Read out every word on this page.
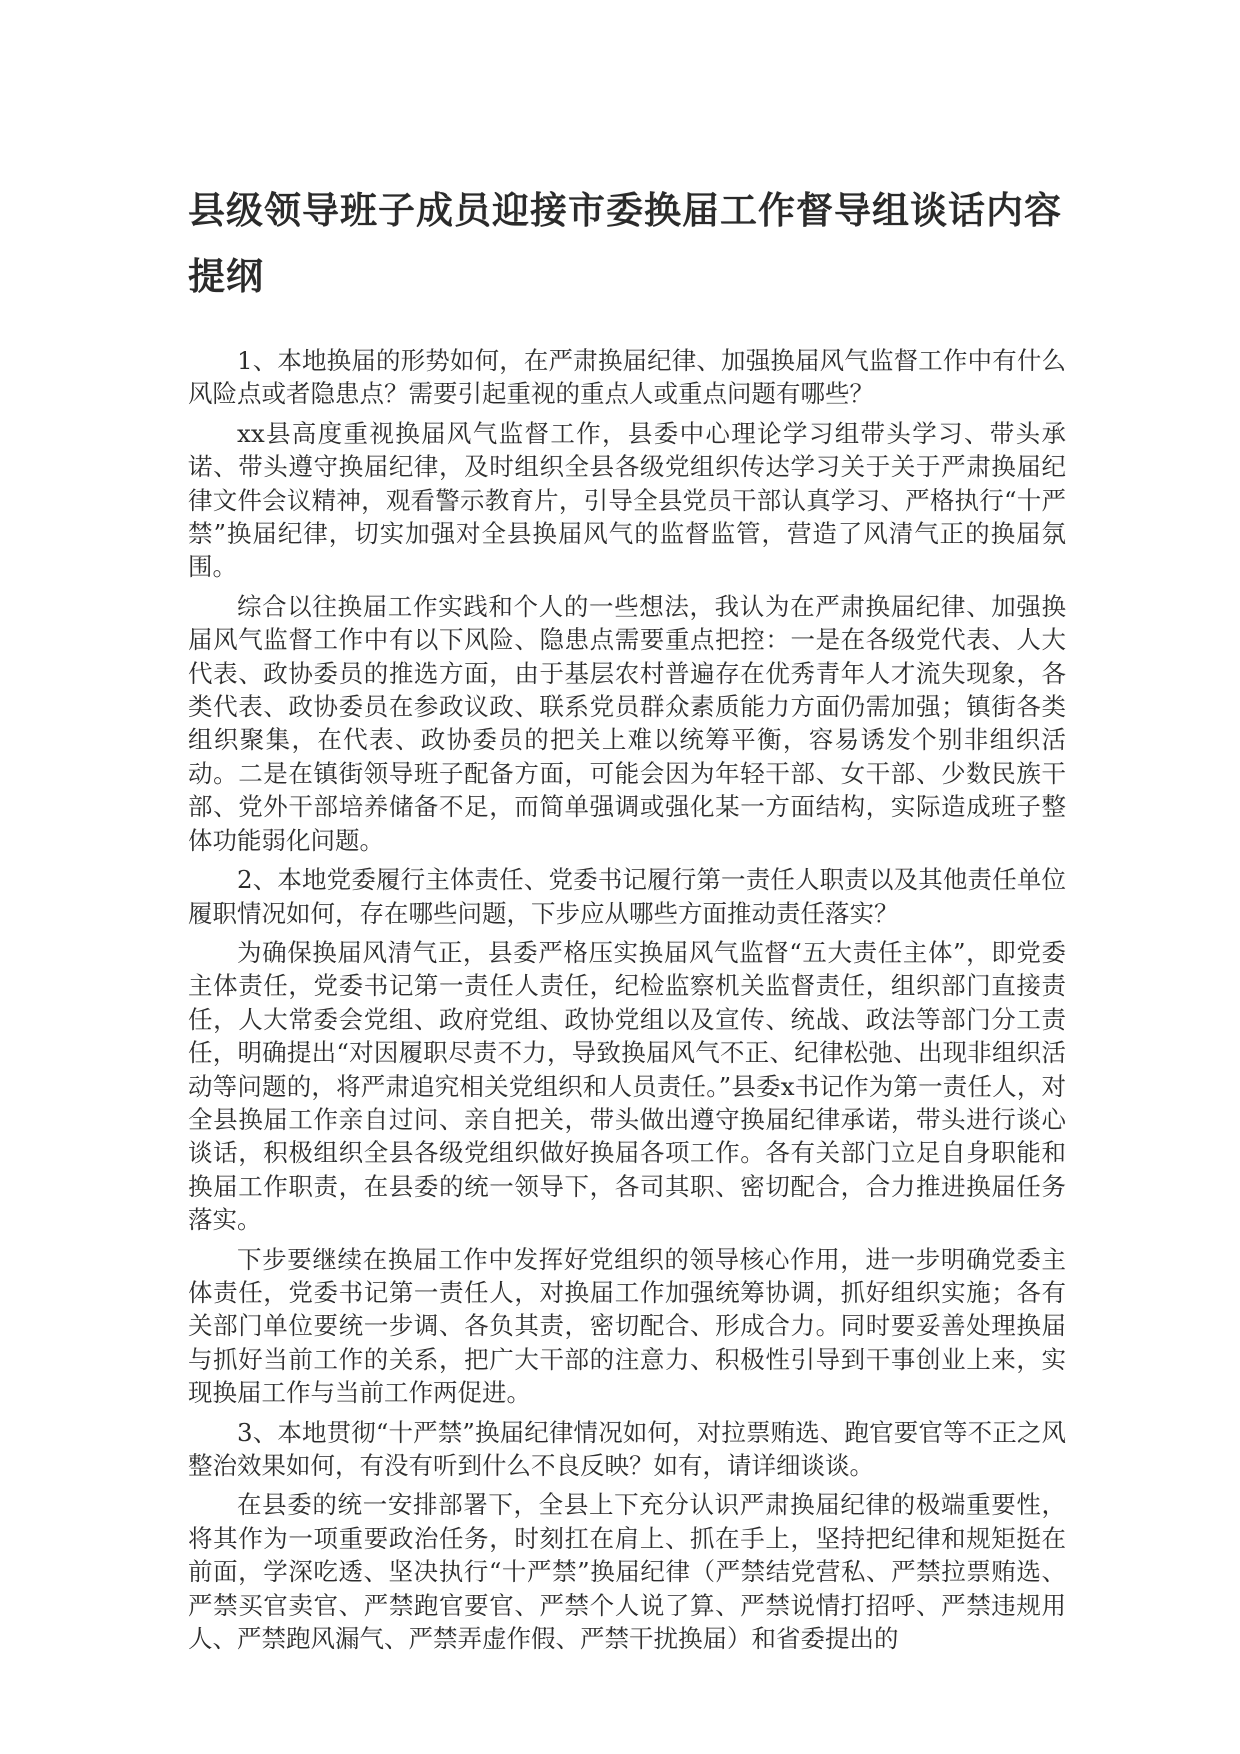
县级领导班子成员迎接市委换届工作督导组谈话内容提纲

1、本地换届的形势如何，在严肃换届纪律、加强换届风气监督工作中有什么风险点或者隐患点？需要引起重视的重点人或重点问题有哪些？

xx县高度重视换届风气监督工作，县委中心理论学习组带头学习、带头承诺、带头遵守换届纪律，及时组织全县各级党组织传达学习关于关于严肃换届纪律文件会议精神，观看警示教育片，引导全县党员干部认真学习、严格执行“十严禁”换届纪律，切实加强对全县换届风气的监督监管，营造了风清气正的换届氛围。

综合以往换届工作实践和个人的一些想法，我认为在严肃换届纪律、加强换届风气监督工作中有以下风险、隐患点需要重点把控：一是在各级党代表、人大代表、政协委员的推选方面，由于基层农村普遍存在优秀青年人才流失现象，各类代表、政协委员在参政议政、联系党员群众素质能力方面仍需加强；镇街各类组织聚集，在代表、政协委员的把关上难以统筹平衡，容易诱发个别非组织活动。二是在镇街领导班子配备方面，可能会因为年轻干部、女干部、少数民族干部、党外干部培养储备不足，而简单强调或强化某一方面结构，实际造成班子整体功能弱化问题。

2、本地党委履行主体责任、党委书记履行第一责任人职责以及其他责任单位履职情况如何，存在哪些问题，下步应从哪些方面推动责任落实？

为确保换届风清气正，县委严格压实换届风气监督“五大责任主体”，即党委主体责任，党委书记第一责任人责任，纪检监察机关监督责任，组织部门直接责任，人大常委会党组、政府党组、政协党组以及宣传、统战、政法等部门分工责任，明确提出“对因履职尽责不力，导致换届风气不正、纪律松弛、出现非组织活动等问题的，将严肃追究相关党组织和人员责任。”县委x书记作为第一责任人，对全县换届工作亲自过问、亲自把关，带头做出遵守换届纪律承诺，带头进行谈心谈话，积极组织全县各级党组织做好换届各项工作。各有关部门立足自身职能和换届工作职责，在县委的统一领导下，各司其职、密切配合，合力推进换届任务落实。

下步要继续在换届工作中发挥好党组织的领导核心作用，进一步明确党委主体责任，党委书记第一责任人，对换届工作加强统筹协调，抓好组织实施；各有关部门单位要统一步调、各负其责，密切配合、形成合力。同时要妥善处理换届与抓好当前工作的关系，把广大干部的注意力、积极性引导到干事创业上来，实现换届工作与当前工作两促进。

3、本地贯彻“十严禁”换届纪律情况如何，对拉票贿选、跑官要官等不正之风整治效果如何，有没有听到什么不良反映？如有，请详细谈谈。

在县委的统一安排部署下，全县上下充分认识严肃换届纪律的极端重要性，将其作为一项重要政治任务，时刻扛在肩上、抓在手上，坚持把纪律和规矩挺在前面，学深吃透、坚决执行“十严禁”换届纪律（严禁结党营私、严禁拉票贿选、严禁买官卖官、严禁跑官要官、严禁个人说了算、严禁说情打招呼、严禁违规用人、严禁跑风漏气、严禁弄虚作假、严禁干扰换届）和省委提出的
